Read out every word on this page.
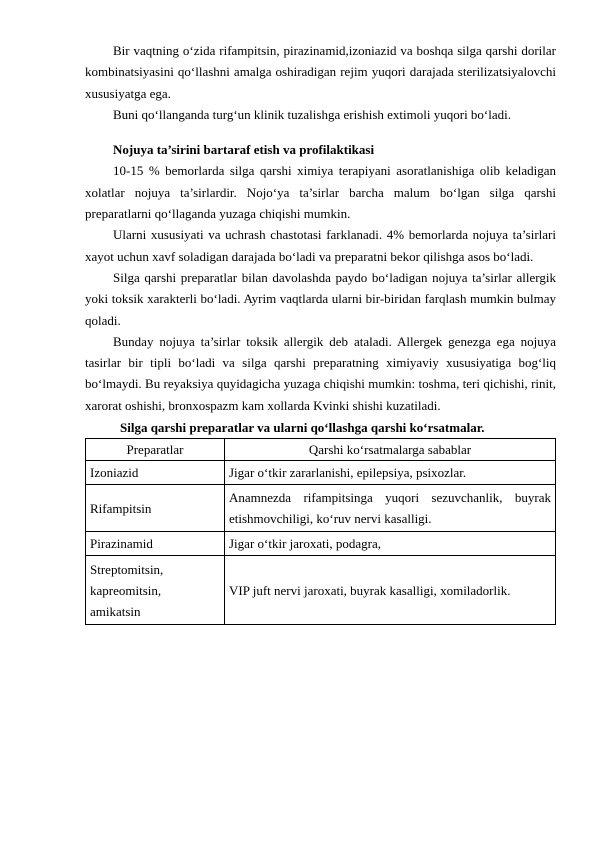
Bir vaqtning o‘zida rifampitsin, pirazinamid,izoniazid va boshqa silga qarshi dorilar kombinatsiyasini qo‘llashni amalga oshiradigan rejim yuqori darajada sterilizatsiyalovchi xususiyatga ega.

Buni qo‘llanganda turg‘un klinik tuzalishga erishish extimoli yuqori bo‘ladi.

Nojuya ta’sirini bartaraf etish va profilaktikasi

10-15 % bemorlarda silga qarshi ximiya terapiyani asoratlanishiga olib keladigan xolatlar nojuya ta’sirlardir. Nojo‘ya ta’sirlar barcha malum bo‘lgan silga qarshi preparatlarni qo‘llaganda yuzaga chiqishi mumkin.

Ularni xususiyati va uchrash chastotasi farklanadi. 4% bemorlarda nojuya ta’sirlari xayot uchun xavf soladigan darajada bo‘ladi va preparatni bekor qilishga asos bo‘ladi.

Silga qarshi preparatlar bilan davolashda paydo bo‘ladigan nojuya ta’sirlar allergik yoki toksik xarakterli bo‘ladi. Ayrim vaqtlarda ularni bir-biridan farqlash mumkin bulmay qoladi.

Bunday nojuya ta’sirlar toksik allergik deb ataladi. Allergek genezga ega nojuya tasirlar bir tipli bo‘ladi va silga qarshi preparatning ximiyaviy xususiyatiga bog‘liq bo‘lmaydi. Bu reyaksiya quyidagicha yuzaga chiqishi mumkin: toshma, teri qichishi, rinit, xarorat oshishi, bronxospazm kam xollarda Kvinki shishi kuzatiladi.

Silga qarshi preparatlar va ularni qo‘llashga qarshi ko‘rsatmalar.
Preparatlar	Qarshi ko‘rsatmalarga sabablar
Izoniazid	Jigar o‘tkir zararlanishi, epilepsiya, psixozlar.
Rifampitsin	Anamnezda rifampitsinga yuqori sezuvchanlik, buyrak etishmovchiligi, ko‘ruv nervi kasalligi.
Pirazinamid	Jigar o‘tkir jaroxati, podagra,

Streptomitsin,
kapreomitsin,
amikatsin	VIP juft nervi jaroxati, buyrak kasalligi, xomiladorlik.
